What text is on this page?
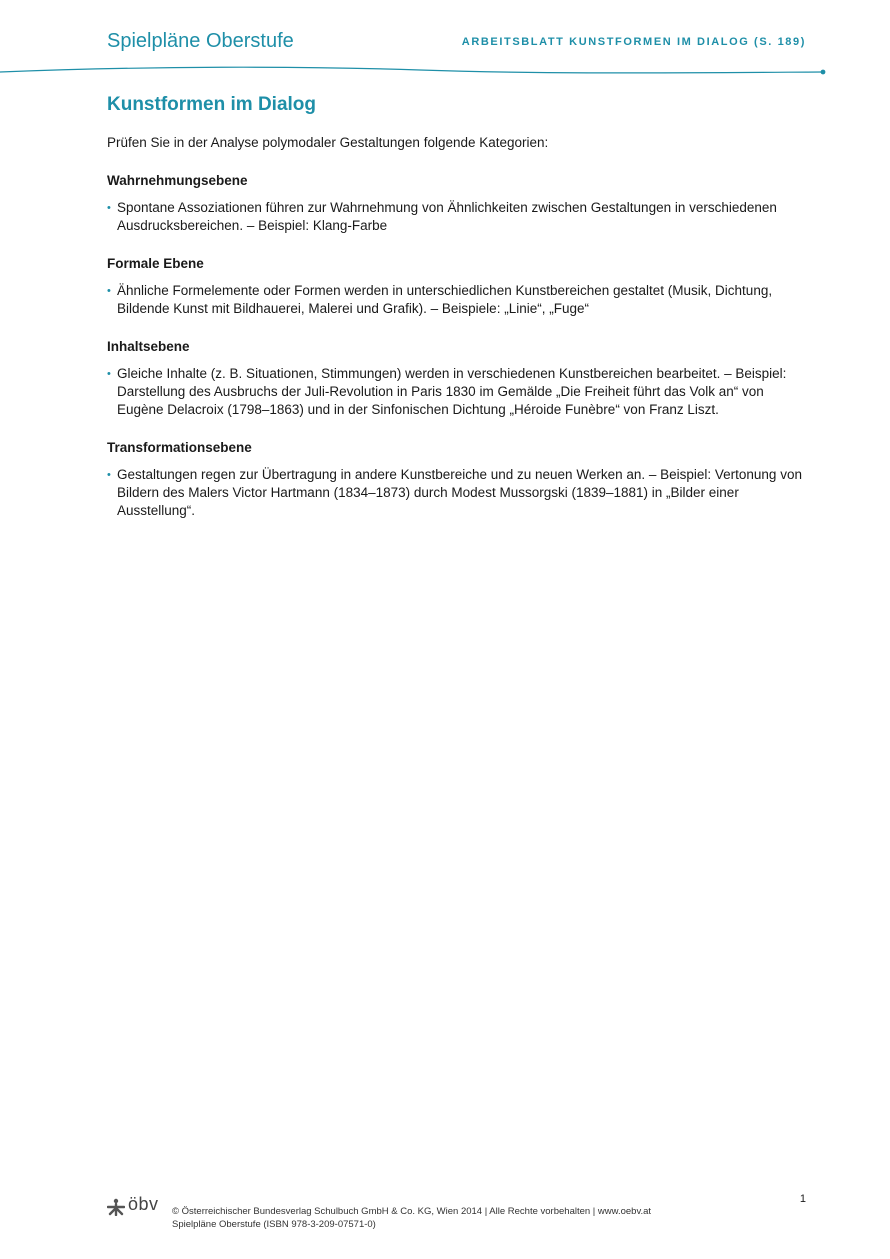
Spielpläne Oberstufe	ARBEITSBLATT KUNSTFORMEN IM DIALOG (S. 189)
Kunstformen im Dialog

Prüfen Sie in der Analyse polymodaler Gestaltungen folgende Kategorien:

Wahrnehmungsebene
• Spontane Assoziationen führen zur Wahrnehmung von Ähnlichkeiten zwischen Gestaltungen in verschiedenen Ausdrucksbereichen. – Beispiel: Klang-Farbe
Formale Ebene
• Ähnliche Formelemente oder Formen werden in unterschiedlichen Kunstbereichen gestaltet (Musik, Dichtung, Bildende Kunst mit Bildhauerei, Malerei und Grafik). – Beispiele: „Linie“, „Fuge“
Inhaltsebene
• Gleiche Inhalte (z. B. Situationen, Stimmungen) werden in verschiedenen Kunstbereichen bearbeitet. – Beispiel: Darstellung des Ausbruchs der Juli-Revolution in Paris 1830 im Gemälde „Die Freiheit führt das Volk an“ von Eugène Delacroix (1798–1863) und in der Sinfonischen Dichtung „Héroide Funèbre“ von Franz Liszt.
Transformationsebene
• Gestaltungen regen zur Übertragung in andere Kunstbereiche und zu neuen Werken an. – Beispiel: Vertonung von Bildern des Malers Victor Hartmann (1834–1873) durch Modest Mussorgski (1839–1881) in „Bilder einer Ausstellung“.
1
öbv © Österreichischer Bundesverlag Schulbuch GmbH & Co. KG, Wien 2014 | Alle Rechte vorbehalten | www.oebv.at
Spielpläne Oberstufe (ISBN 978-3-209-07571-0)
